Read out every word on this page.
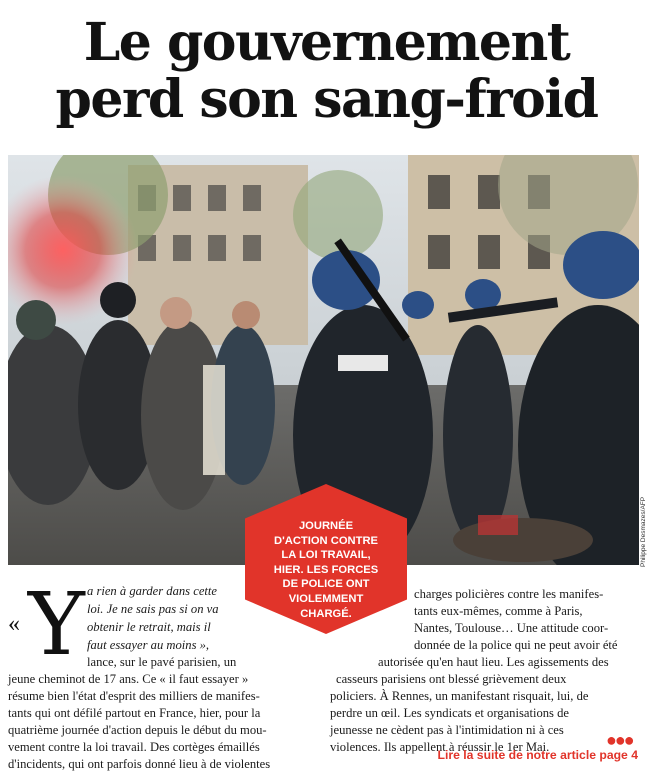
Le gouvernement
perd son sang-froid
Philippe Desmazes/AFP
JOURNÉE
D'ACTION CONTRE
LA LOI TRAVAIL,
HIER. LES FORCES
DE POLICE ONT
VIOLEMMENT
CHARGÉ.
« Y a rien à garder dans cette
loi. Je ne sais pas si on va
obtenir le retrait, mais il
faut essayer au moins »,
lance, sur le pavé parisien, un
jeune cheminot de 17 ans. Ce « il faut essayer »
résume bien l'état d'esprit des milliers de manifes-
tants qui ont défilé partout en France, hier, pour la
quatrième journée d'action depuis le début du mou-
vement contre la loi travail. Des cortèges émaillés
d'incidents, qui ont parfois donné lieu à de violentes
charges policières contre les manifes-
tants eux-mêmes, comme à Paris,
Nantes, Toulouse… Une attitude coor-
donnée de la police qui ne peut avoir été
autorisée qu'en haut lieu. Les agissements des
casseurs parisiens ont blessé grièvement deux
policiers. À Rennes, un manifestant risquait, lui, de
perdre un œil. Les syndicats et organisations de
jeunesse ne cèdent pas à l'intimidation ni à ces
violences. Ils appellent à réussir le 1er Mai.	●●●
Lire la suite de notre article page 4
